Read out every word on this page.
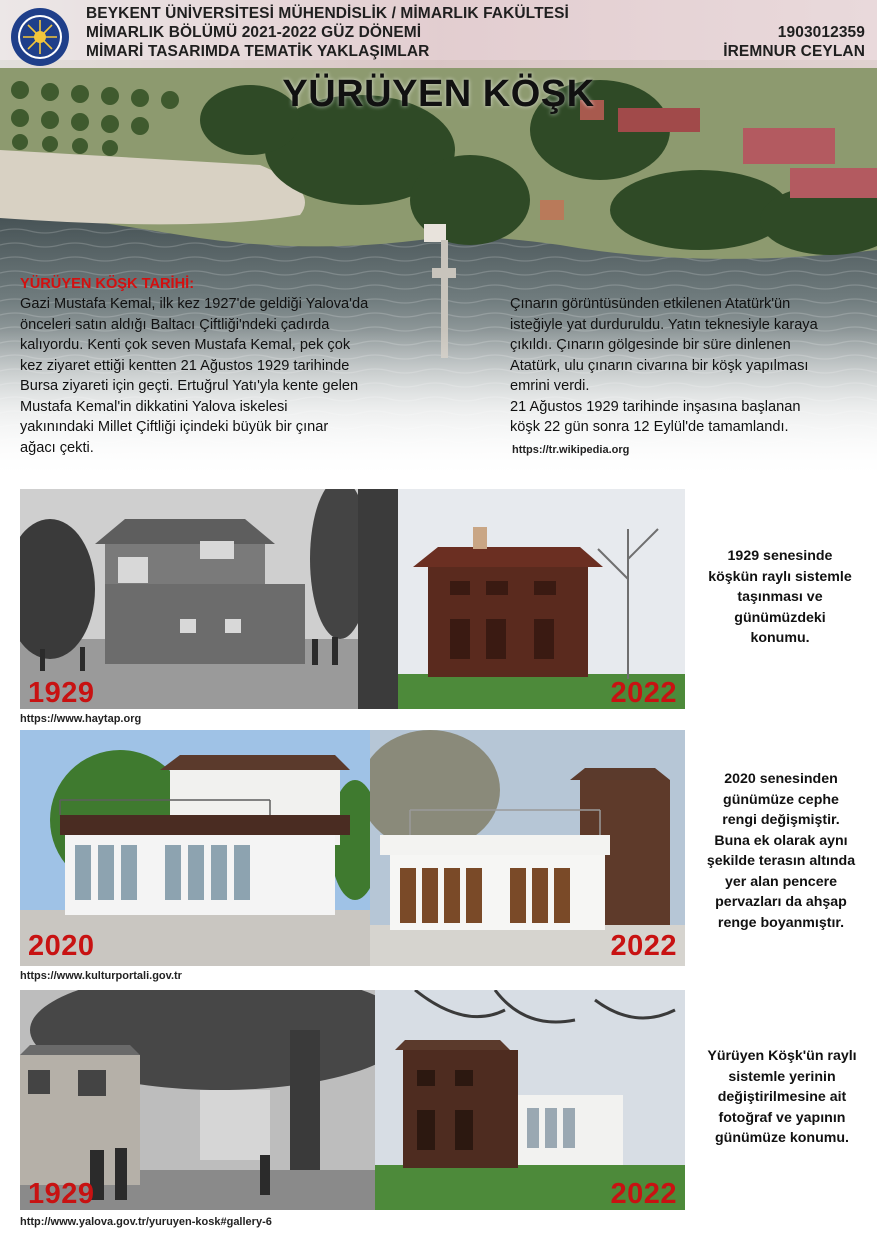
BEYKENT ÜNİVERSİTESİ MÜHENDİSLİK / MİMARLIK FAKÜLTESİ
MİMARLIK BÖLÜMÜ 2021-2022 GÜZ DÖNEMİ
MİMARİ TASARIMDA TEMATİK YAKLAŞIMLAR
1903012359
İREMNUR CEYLAN
YÜRÜYEN KÖŞK
YÜRÜYEN KÖŞK TARİHİ:
Gazi Mustafa Kemal, ilk kez 1927'de geldiği Yalova'da
önceleri satın aldığı Baltacı Çiftliği'ndeki çadırda
kalıyordu. Kenti çok seven Mustafa Kemal, pek çok
kez ziyaret ettiği kentten 21 Ağustos 1929 tarihinde
Bursa ziyareti için geçti. Ertuğrul Yatı'yla kente gelen
Mustafa Kemal'in dikkatini Yalova iskelesi
yakınındaki Millet Çiftliği içindeki büyük bir çınar
ağacı çekti.
Çınarın görüntüsünden etkilenen Atatürk'ün
isteğiyle yat durduruldu. Yatın teknesiyle karaya
çıkıldı. Çınarın gölgesinde bir süre dinlenen
Atatürk, ulu çınarın civarına bir köşk yapılması
emrini verdi.
21 Ağustos 1929 tarihinde inşasına başlanan
köşk 22 gün sonra 12 Eylül'de tamamlandı.
https://tr.wikipedia.org
1929	2022
https://www.haytap.org
1929 senesinde
köşkün raylı sistemle
taşınması ve
günümüzdeki
konumu.
2020	2022
https://www.kulturportali.gov.tr
2020 senesinden
günümüze cephe
rengi değişmiştir.
Buna ek olarak aynı
şekilde terasın altında
yer alan pencere
pervazları da ahşap
renge boyanmıştır.
1929	2022
http://www.yalova.gov.tr/yuruyen-kosk#gallery-6
Yürüyen Köşk'ün raylı
sistemle yerinin
değiştirilmesine ait
fotoğraf ve yapının
günümüze konumu.
